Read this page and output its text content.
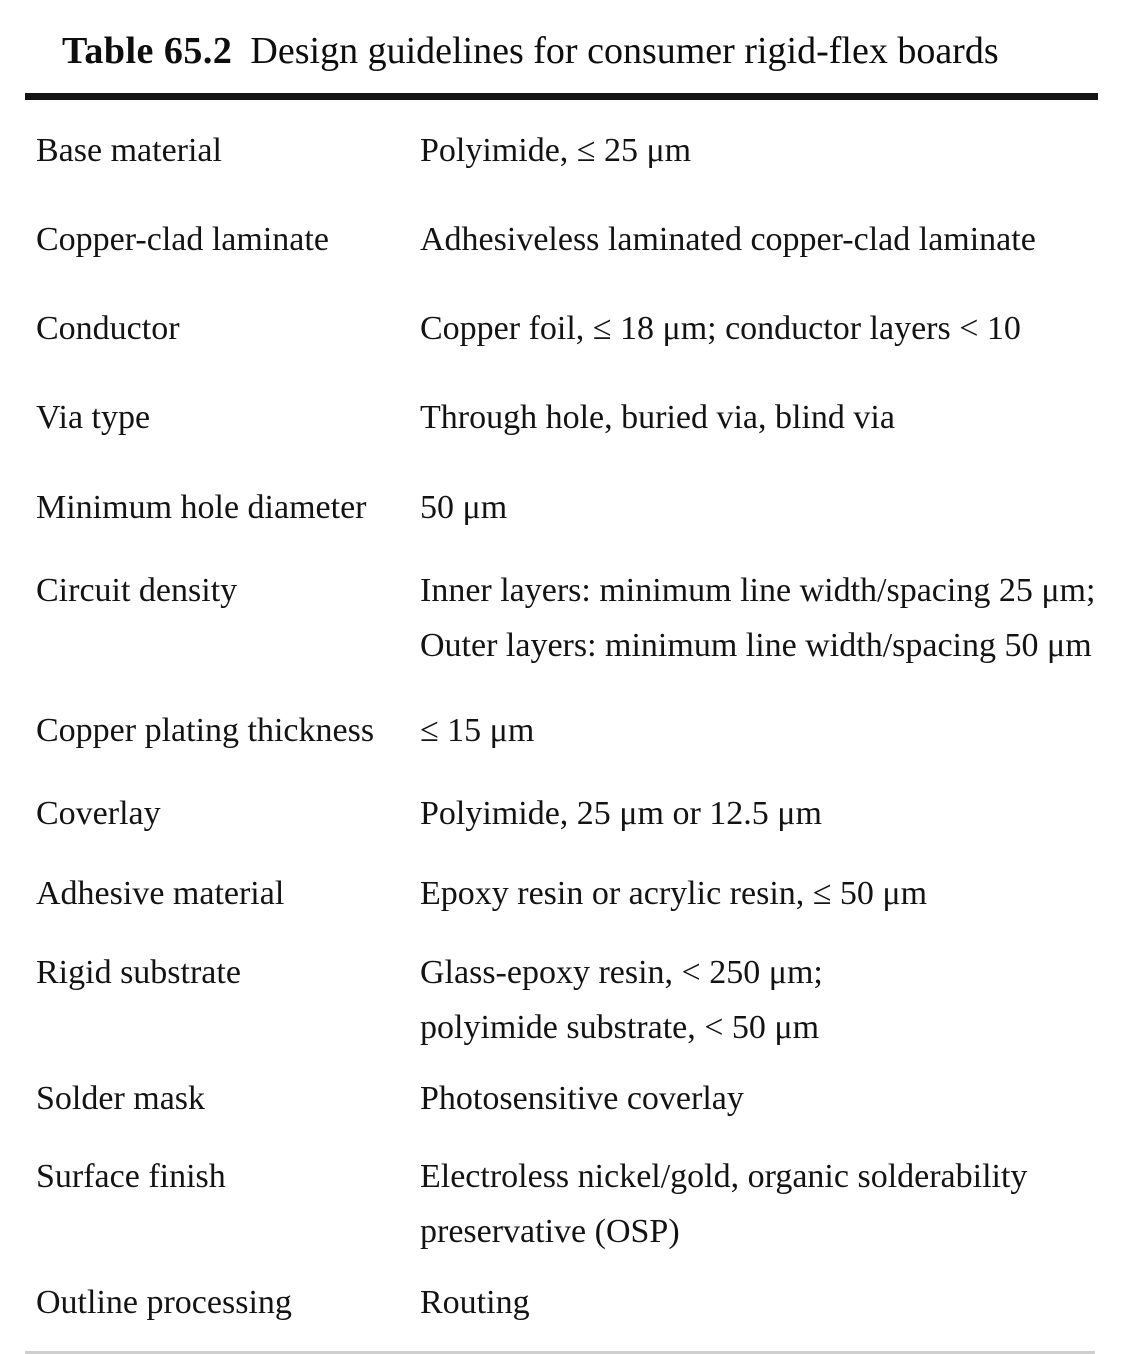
Table 65.2 Design guidelines for consumer rigid-flex boards
Base material	Polyimide, ≤ 25 μm
Copper-clad laminate	Adhesiveless laminated copper-clad laminate
Conductor	Copper foil, ≤ 18 μm; conductor layers < 10
Via type	Through hole, buried via, blind via
Minimum hole diameter	50 μm
Circuit density	Inner layers: minimum line width/spacing 25 μm;
Outer layers: minimum line width/spacing 50 μm
Copper plating thickness	≤ 15 μm
Coverlay	Polyimide, 25 μm or 12.5 μm
Adhesive material	Epoxy resin or acrylic resin, ≤ 50 μm
Rigid substrate	Glass-epoxy resin, < 250 μm;
polyimide substrate, < 50 μm
Solder mask	Photosensitive coverlay
Surface finish	Electroless nickel/gold, organic solderability
preservative (OSP)
Outline processing	Routing
